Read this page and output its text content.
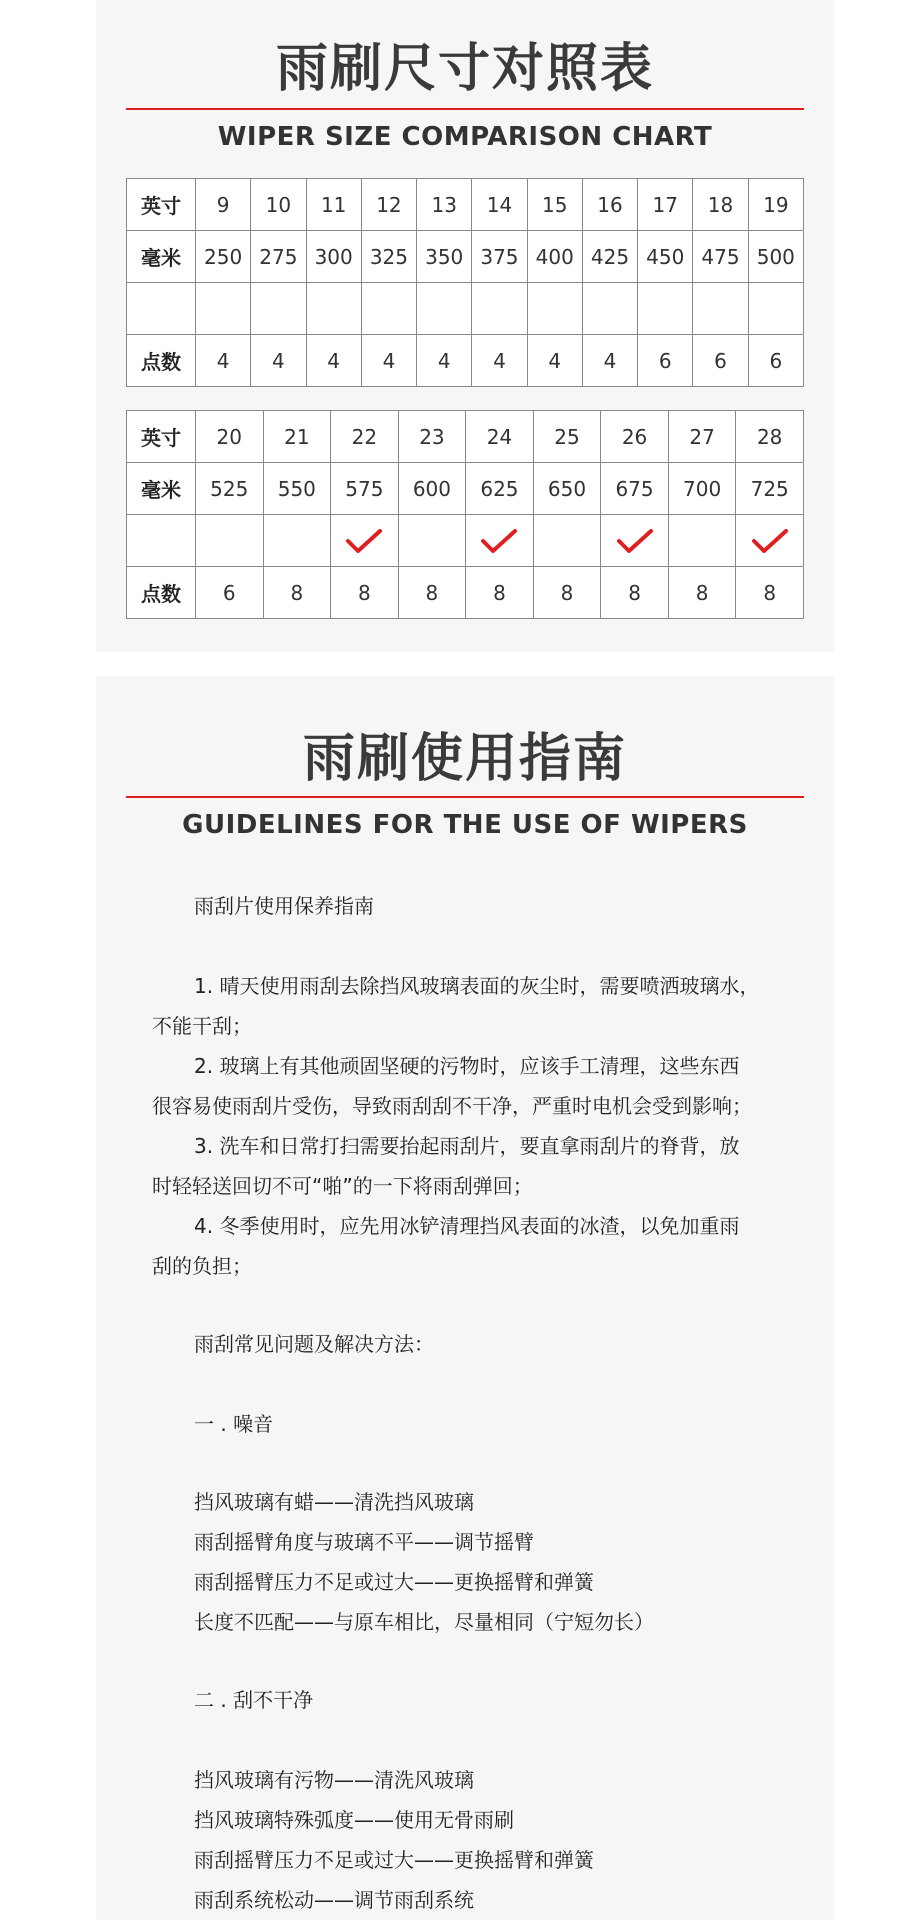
雨刷尺寸对照表
WIPER SIZE COMPARISON CHART
英寸	9	10	11	12	13	14	15	16	17	18	19
毫米	250	275	300	325	350	375	400	425	450	475	500

点数	4	4	4	4	4	4	4	4	6	6	6
英寸	20	21	22	23	24	25	26	27	28
毫米	525	550	575	600	625	650	675	700	725

点数	6	8	8	8	8	8	8	8	8
雨刷使用指南
GUIDELINES FOR THE USE OF WIPERS
雨刮片使用保养指南
1. 晴天使用雨刮去除挡风玻璃表面的灰尘时，需要喷洒玻璃水，
不能干刮；
2. 玻璃上有其他顽固坚硬的污物时，应该手工清理，这些东西
很容易使雨刮片受伤，导致雨刮刮不干净，严重时电机会受到影响；
3. 洗车和日常打扫需要抬起雨刮片，要直拿雨刮片的脊背，放
时轻轻送回切不可“啪”的一下将雨刮弹回；
4. 冬季使用时，应先用冰铲清理挡风表面的冰渣，以免加重雨
刮的负担；
雨刮常见问题及解决方法：
一 . 噪音
挡风玻璃有蜡——清洗挡风玻璃
雨刮摇臂角度与玻璃不平——调节摇臂
雨刮摇臂压力不足或过大——更换摇臂和弹簧
长度不匹配——与原车相比，尽量相同（宁短勿长）
二 . 刮不干净
挡风玻璃有污物——清洗风玻璃
挡风玻璃特殊弧度——使用无骨雨刷
雨刮摇臂压力不足或过大——更换摇臂和弹簧
雨刮系统松动——调节雨刮系统
